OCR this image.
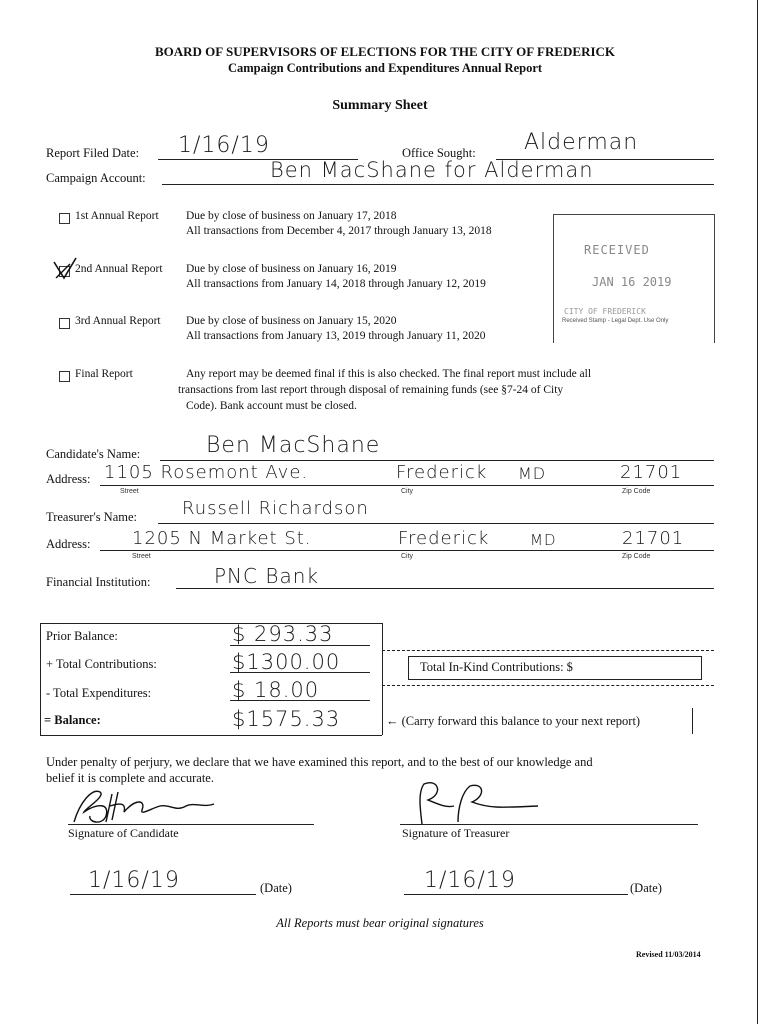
BOARD OF SUPERVISORS OF ELECTIONS FOR THE CITY OF FREDERICK
Campaign Contributions and Expenditures Annual Report
Summary Sheet
Report Filed Date: 1/16/19	Office Sought: Alderman
Campaign Account:	Ben MacShane for Alderman
1st Annual Report Due by close of business on January 17, 2018
All transactions from December 4, 2017 through January 13, 2018
2nd Annual Report Due by close of business on January 16, 2019
All transactions from January 14, 2018 through January 12, 2019
3rd Annual Report Due by close of business on January 15, 2020
All transactions from January 13, 2019 through January 11, 2020
RECEIVED
JAN 16 2019
CITY OF FREDERICK
Received Stamp - Legal Dept. Use Only
Final Report	Any report may be deemed final if this is also checked. The final report must include all
transactions from last report through disposal of remaining funds (see §7-24 of City
Code). Bank account must be closed.
Candidate's Name:	Ben MacShane
Address: 1105 Rosemont Ave.	Frederick MD	21701
Street	City	Zip Code
Treasurer's Name: Russell Richardson
Address: 1205 N Market St.	Frederick	MD	21701
Street	City	Zip Code
Financial Institution:	PNC Bank
Prior Balance:	$ 293.33
+ Total Contributions:	$1300.00
- Total Expenditures:	$ 18.00
= Balance:	$1575.33
Total In-Kind Contributions: $
← (Carry forward this balance to your next report)
Under penalty of perjury, we declare that we have examined this report, and to the best of our knowledge and
belief it is complete and accurate.
Signature of Candidate	Signature of Treasurer
1/16/19	(Date)	1/16/19	(Date)
All Reports must bear original signatures
Revised 11/03/2014
